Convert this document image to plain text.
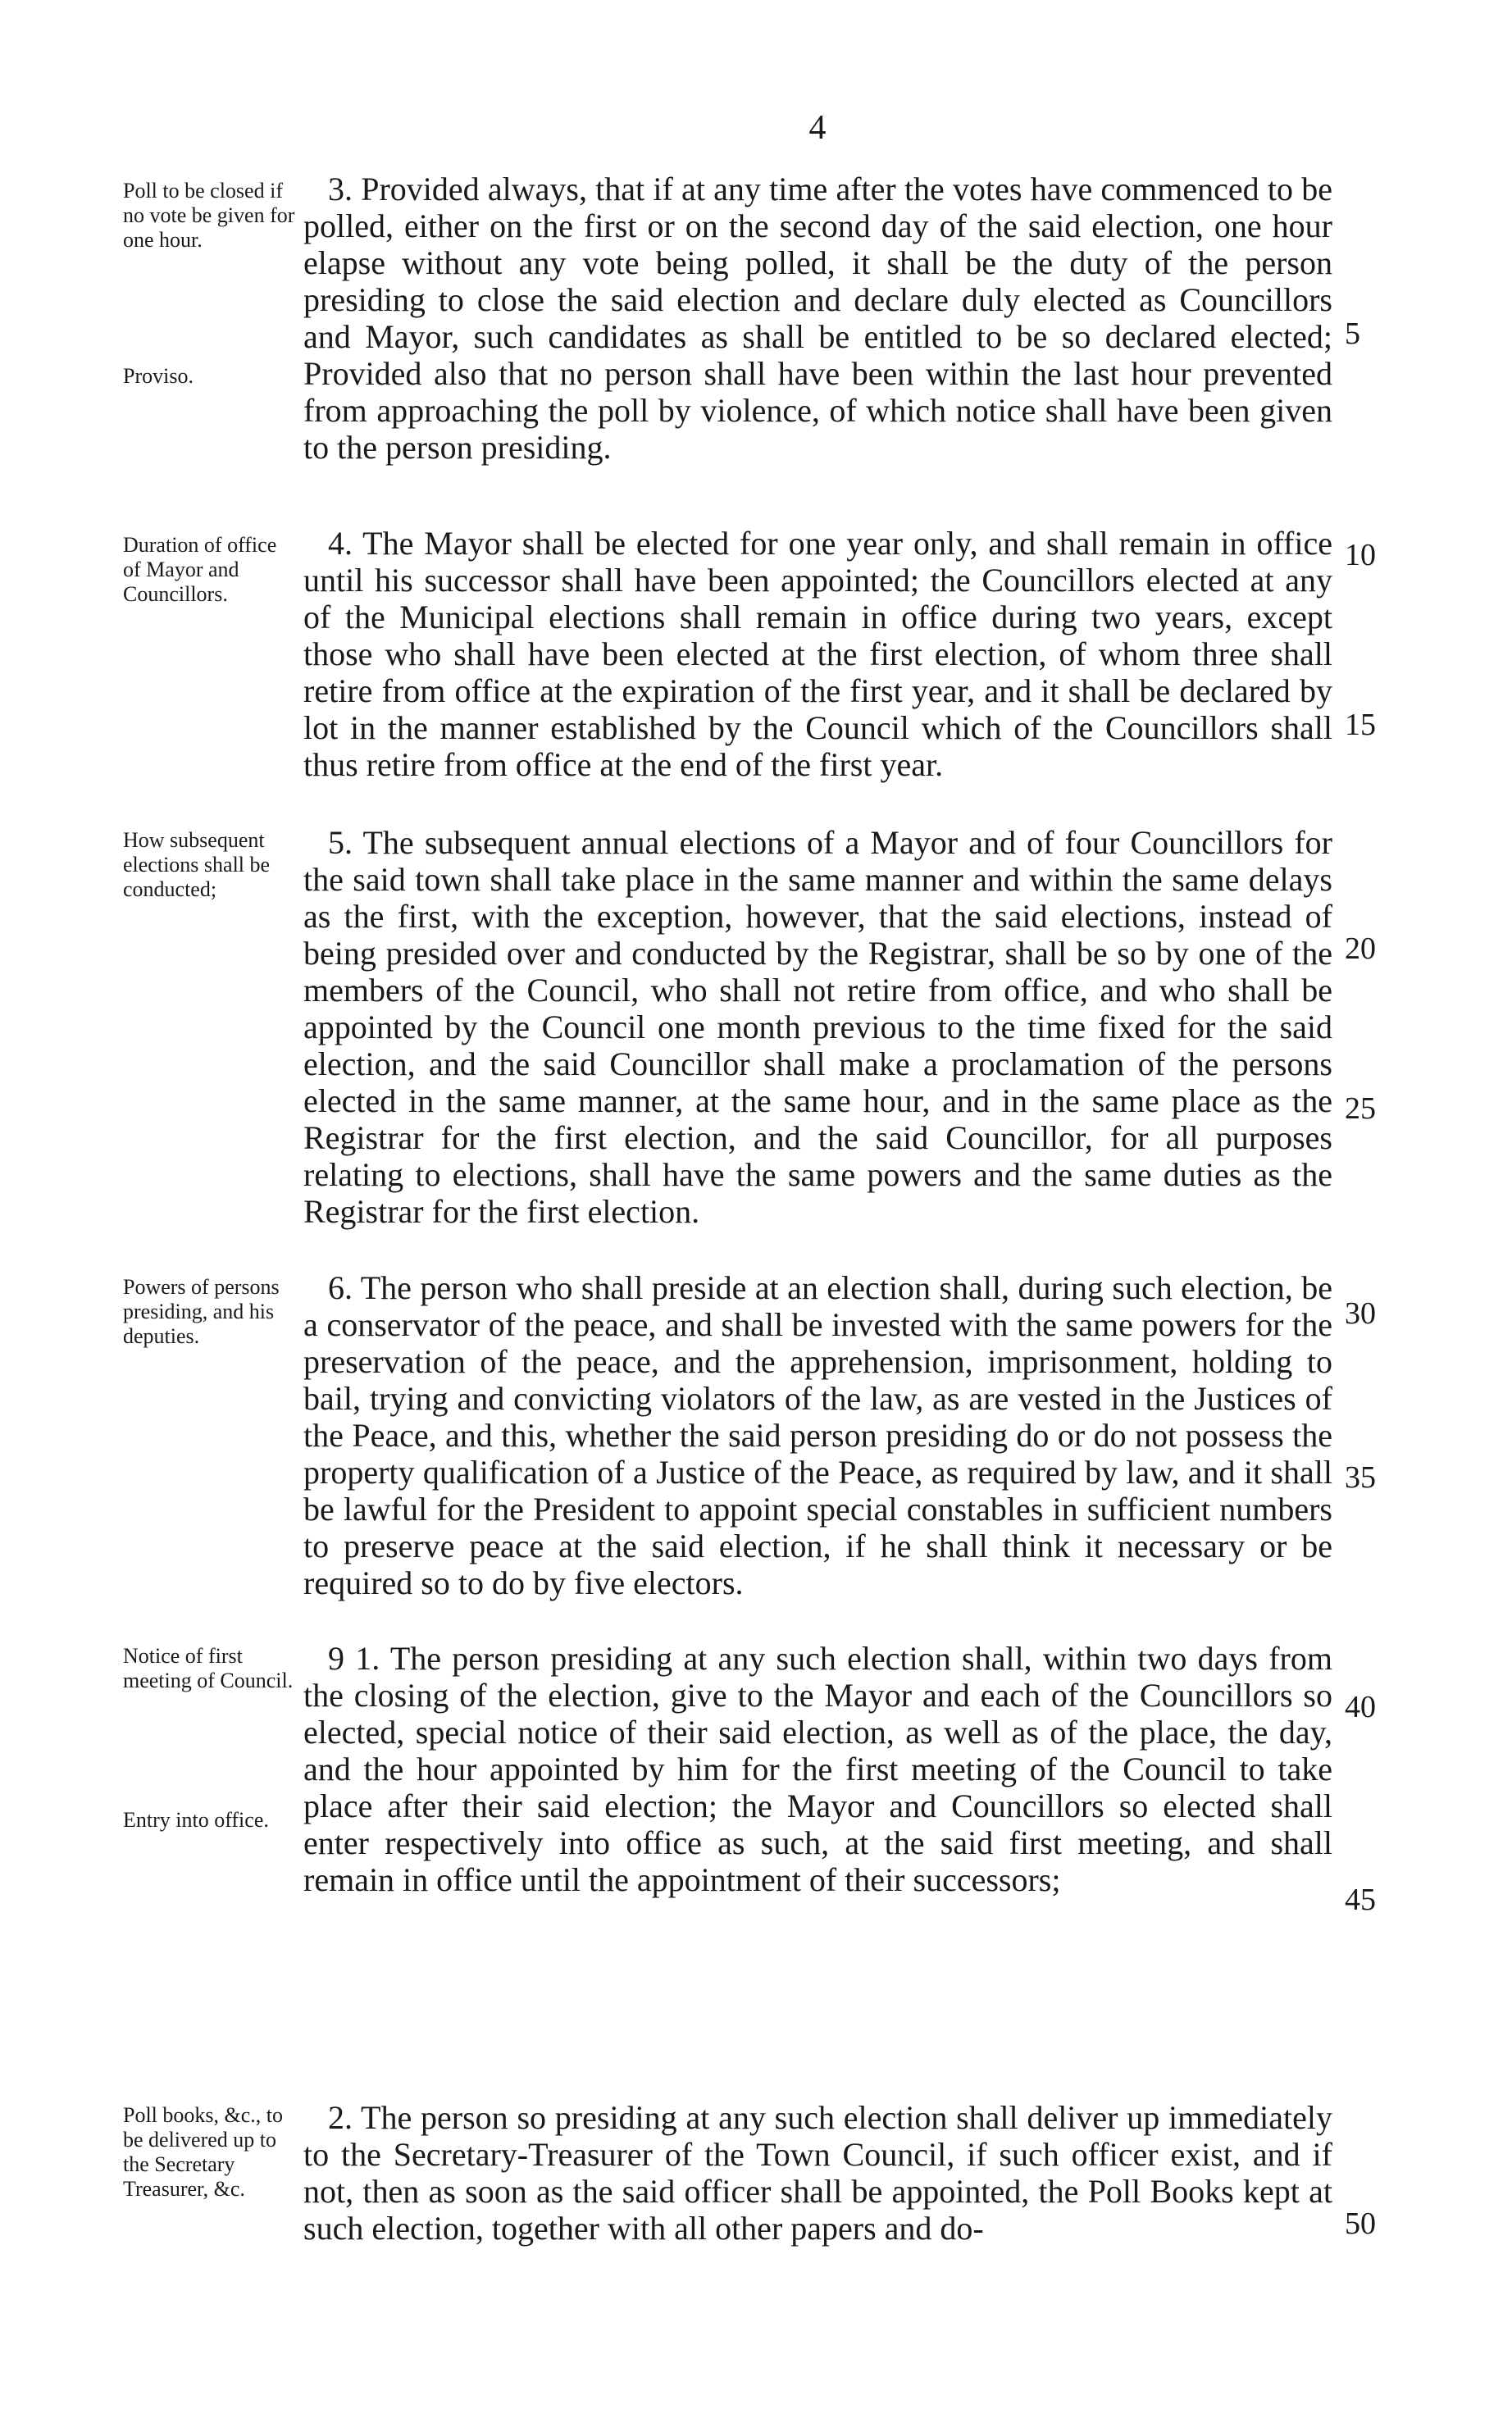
4
Poll to be closed if no vote be given for one hour.
Proviso.
3. Provided always, that if at any time after the votes have commenced to be polled, either on the first or on the second day of the said election, one hour elapse without any vote being polled, it shall be the duty of the person presiding to close the said election and declare duly elected as Councillors and Mayor, such candidates as shall be entitled to be so declared elected; Provided also that no person shall have been within the last hour prevented from approaching the poll by violence, of which notice shall have been given to the person presiding.
Duration of office of Mayor and Councillors.
4. The Mayor shall be elected for one year only, and shall remain in office until his successor shall have been appointed; the Councillors elected at any of the Municipal elections shall remain in office during two years, except those who shall have been elected at the first election, of whom three shall retire from office at the expiration of the first year, and it shall be declared by lot in the manner established by the Council which of the Councillors shall thus retire from office at the end of the first year.
How subsequent elections shall be conducted;
5. The subsequent annual elections of a Mayor and of four Councillors for the said town shall take place in the same manner and within the same delays as the first, with the exception, however, that the said elections, instead of being presided over and conducted by the Registrar, shall be so by one of the members of the Council, who shall not retire from office, and who shall be appointed by the Council one month previous to the time fixed for the said election, and the said Councillor shall make a proclamation of the persons elected in the same manner, at the same hour, and in the same place as the Registrar for the first election, and the said Councillor, for all purposes relating to elections, shall have the same powers and the same duties as the Registrar for the first election.
Powers of persons presiding, and his deputies.
6. The person who shall preside at an election shall, during such election, be a conservator of the peace, and shall be invested with the same powers for the preservation of the peace, and the apprehension, imprisonment, holding to bail, trying and convicting violators of the law, as are vested in the Justices of the Peace, and this, whether the said person presiding do or do not possess the property qualification of a Justice of the Peace, as required by law, and it shall be lawful for the President to appoint special constables in sufficient numbers to preserve peace at the said election, if he shall think it necessary or be required so to do by five electors.
Notice of first meeting of Council.
Entry into office.
9 1. The person presiding at any such election shall, within two days from the closing of the election, give to the Mayor and each of the Councillors so elected, special notice of their said election, as well as of the place, the day, and the hour appointed by him for the first meeting of the Council to take place after their said election; the Mayor and Councillors so elected shall enter respectively into office as such, at the said first meeting, and shall remain in office until the appointment of their successors;
Poll books, &c., to be delivered up to the Secretary Treasurer, &c.
2. The person so presiding at any such election shall deliver up immediately to the Secretary-Treasurer of the Town Council, if such officer exist, and if not, then as soon as the said officer shall be appointed, the Poll Books kept at such election, together with all other papers and do-
5
10
15
20
25
30
35
40
45
50
